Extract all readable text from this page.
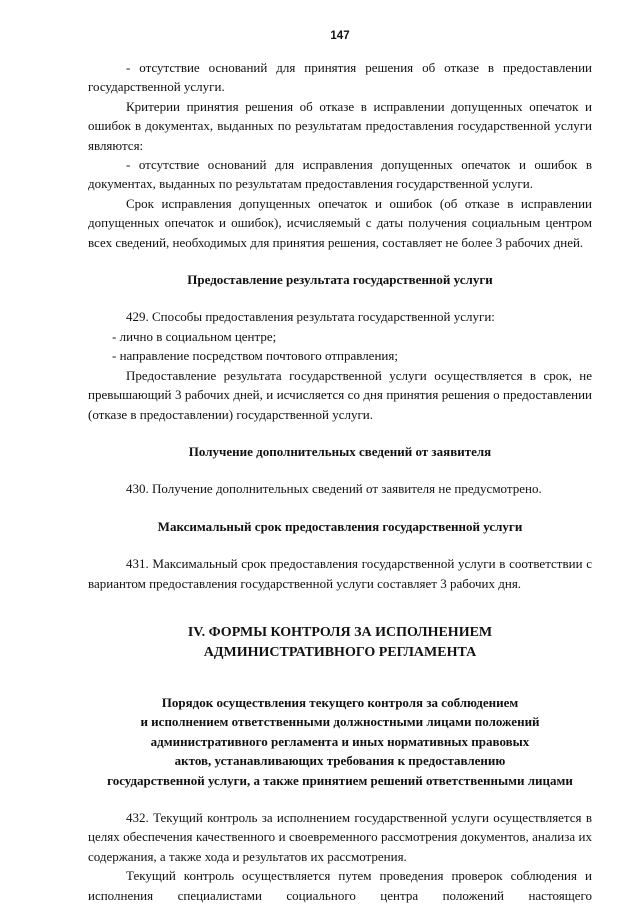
147

- отсутствие оснований для принятия решения об отказе в предоставлении государственной услуги.

Критерии принятия решения об отказе в исправлении допущенных опечаток и ошибок в документах, выданных по результатам предоставления государственной услуги являются:

- отсутствие оснований для исправления допущенных опечаток и ошибок в документах, выданных по результатам предоставления государственной услуги.

Срок исправления допущенных опечаток и ошибок (об отказе в исправлении допущенных опечаток и ошибок), исчисляемый с даты получения социальным центром всех сведений, необходимых для принятия решения, составляет не более 3 рабочих дней.

Предоставление результата государственной услуги

429. Способы предоставления результата государственной услуги:

- лично в социальном центре;

- направление посредством почтового отправления;

Предоставление результата государственной услуги осуществляется в срок, не превышающий 3 рабочих дней, и исчисляется со дня принятия решения о предоставлении (отказе в предоставлении) государственной услуги.

Получение дополнительных сведений от заявителя

430. Получение дополнительных сведений от заявителя не предусмотрено.

Максимальный срок предоставления государственной услуги

431. Максимальный срок предоставления государственной услуги в соответствии с вариантом предоставления государственной услуги составляет 3 рабочих дня.

IV. ФОРМЫ КОНТРОЛЯ ЗА ИСПОЛНЕНИЕМ
АДМИНИСТРАТИВНОГО РЕГЛАМЕНТА
Порядок осуществления текущего контроля за соблюдением
и исполнением ответственными должностными лицами положений
административного регламента и иных нормативных правовых
актов, устанавливающих требования к предоставлению
государственной услуги, а также принятием решений ответственными лицами

432. Текущий контроль за исполнением государственной услуги осуществляется в целях обеспечения качественного и своевременного рассмотрения документов, анализа их содержания, а также хода и результатов их рассмотрения.

Текущий контроль осуществляется путем проведения проверок соблюдения и исполнения специалистами социального центра положений настоящего
